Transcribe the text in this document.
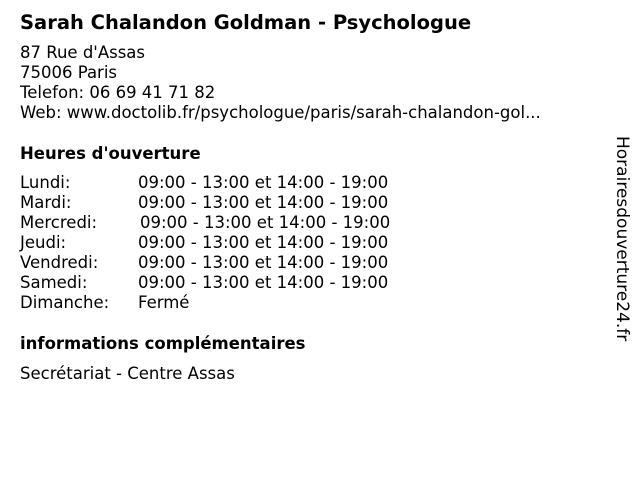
Sarah Chalandon Goldman - Psychologue
87 Rue d'Assas
75006 Paris
Telefon: 06 69 41 71 82
Web: www.doctolib.fr/psychologue/paris/sarah-chalandon-gol...
Heures d'ouverture
Lundi:	09:00 - 13:00 et 14:00 - 19:00
Mardi:	09:00 - 13:00 et 14:00 - 19:00
Mercredi:	09:00 - 13:00 et 14:00 - 19:00
Jeudi:	09:00 - 13:00 et 14:00 - 19:00
Vendredi: 09:00 - 13:00 et 14:00 - 19:00
Samedi:	09:00 - 13:00 et 14:00 - 19:00
Dimanche: Fermé
informations complémentaires
Secrétariat - Centre Assas
Horairesdouverture24.fr
